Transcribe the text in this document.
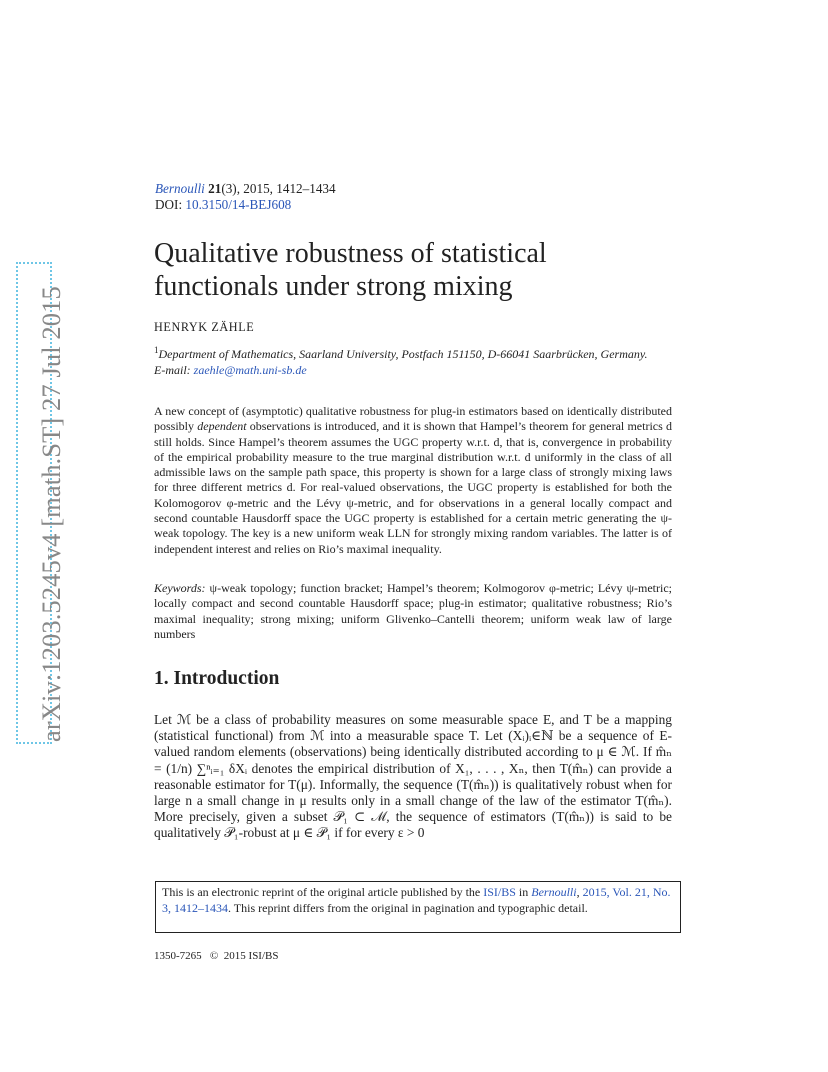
arXiv:1203.5245v4 [math.ST] 27 Jul 2015
Bernoulli 21(3), 2015, 1412–1434
DOI: 10.3150/14-BEJ608
Qualitative robustness of statistical
functionals under strong mixing
HENRYK ZÄHLE
$^1$Department of Mathematics, Saarland University, Postfach 151150, D-66041 Saarbrücken, Germany.
E-mail: zaehle@math.uni-sb.de
A new concept of (asymptotic) qualitative robustness for plug-in estimators based on identically distributed possibly dependent observations is introduced, and it is shown that Hampel’s theorem for general metrics d still holds. Since Hampel’s theorem assumes the UGC property w.r.t. d, that is, convergence in probability of the empirical probability measure to the true marginal distribution w.r.t. d uniformly in the class of all admissible laws on the sample path space, this property is shown for a large class of strongly mixing laws for three different metrics d. For real-valued observations, the UGC property is established for both the Kolomogorov φ-metric and the Lévy ψ-metric, and for observations in a general locally compact and second countable Hausdorff space the UGC property is established for a certain metric generating the ψ-weak topology. The key is a new uniform weak LLN for strongly mixing random variables. The latter is of independent interest and relies on Rio’s maximal inequality.
Keywords: ψ-weak topology; function bracket; Hampel’s theorem; Kolmogorov φ-metric; Lévy ψ-metric; locally compact and second countable Hausdorff space; plug-in estimator; qualitative robustness; Rio’s maximal inequality; strong mixing; uniform Glivenko–Cantelli theorem; uniform weak law of large numbers
1. Introduction
Let ℳ be a class of probability measures on some measurable space E, and T be a mapping (statistical functional) from ℳ into a measurable space T. Let (Xᵢ)ᵢ∈ℕ be a sequence of E-valued random elements (observations) being identically distributed according to μ ∈ ℳ. If m̂ₙ = (1/n) ∑ⁿᵢ₌₁ δXᵢ denotes the empirical distribution of X₁, . . . , Xₙ, then T(m̂ₙ) can provide a reasonable estimator for T(μ). Informally, the sequence (T(m̂ₙ)) is qualitatively robust when for large n a small change in μ results only in a small change of the law of the estimator T(m̂ₙ). More precisely, given a subset 𝒫₁ ⊂ ℳ, the sequence of estimators (T(m̂ₙ)) is said to be qualitatively 𝒫₁-robust at μ ∈ 𝒫₁ if for every ε > 0
This is an electronic reprint of the original article published by the ISI/BS in Bernoulli, 2015, Vol. 21, No. 3, 1412–1434. This reprint differs from the original in pagination and typographic detail.
1350-7265 © 2015 ISI/BS
